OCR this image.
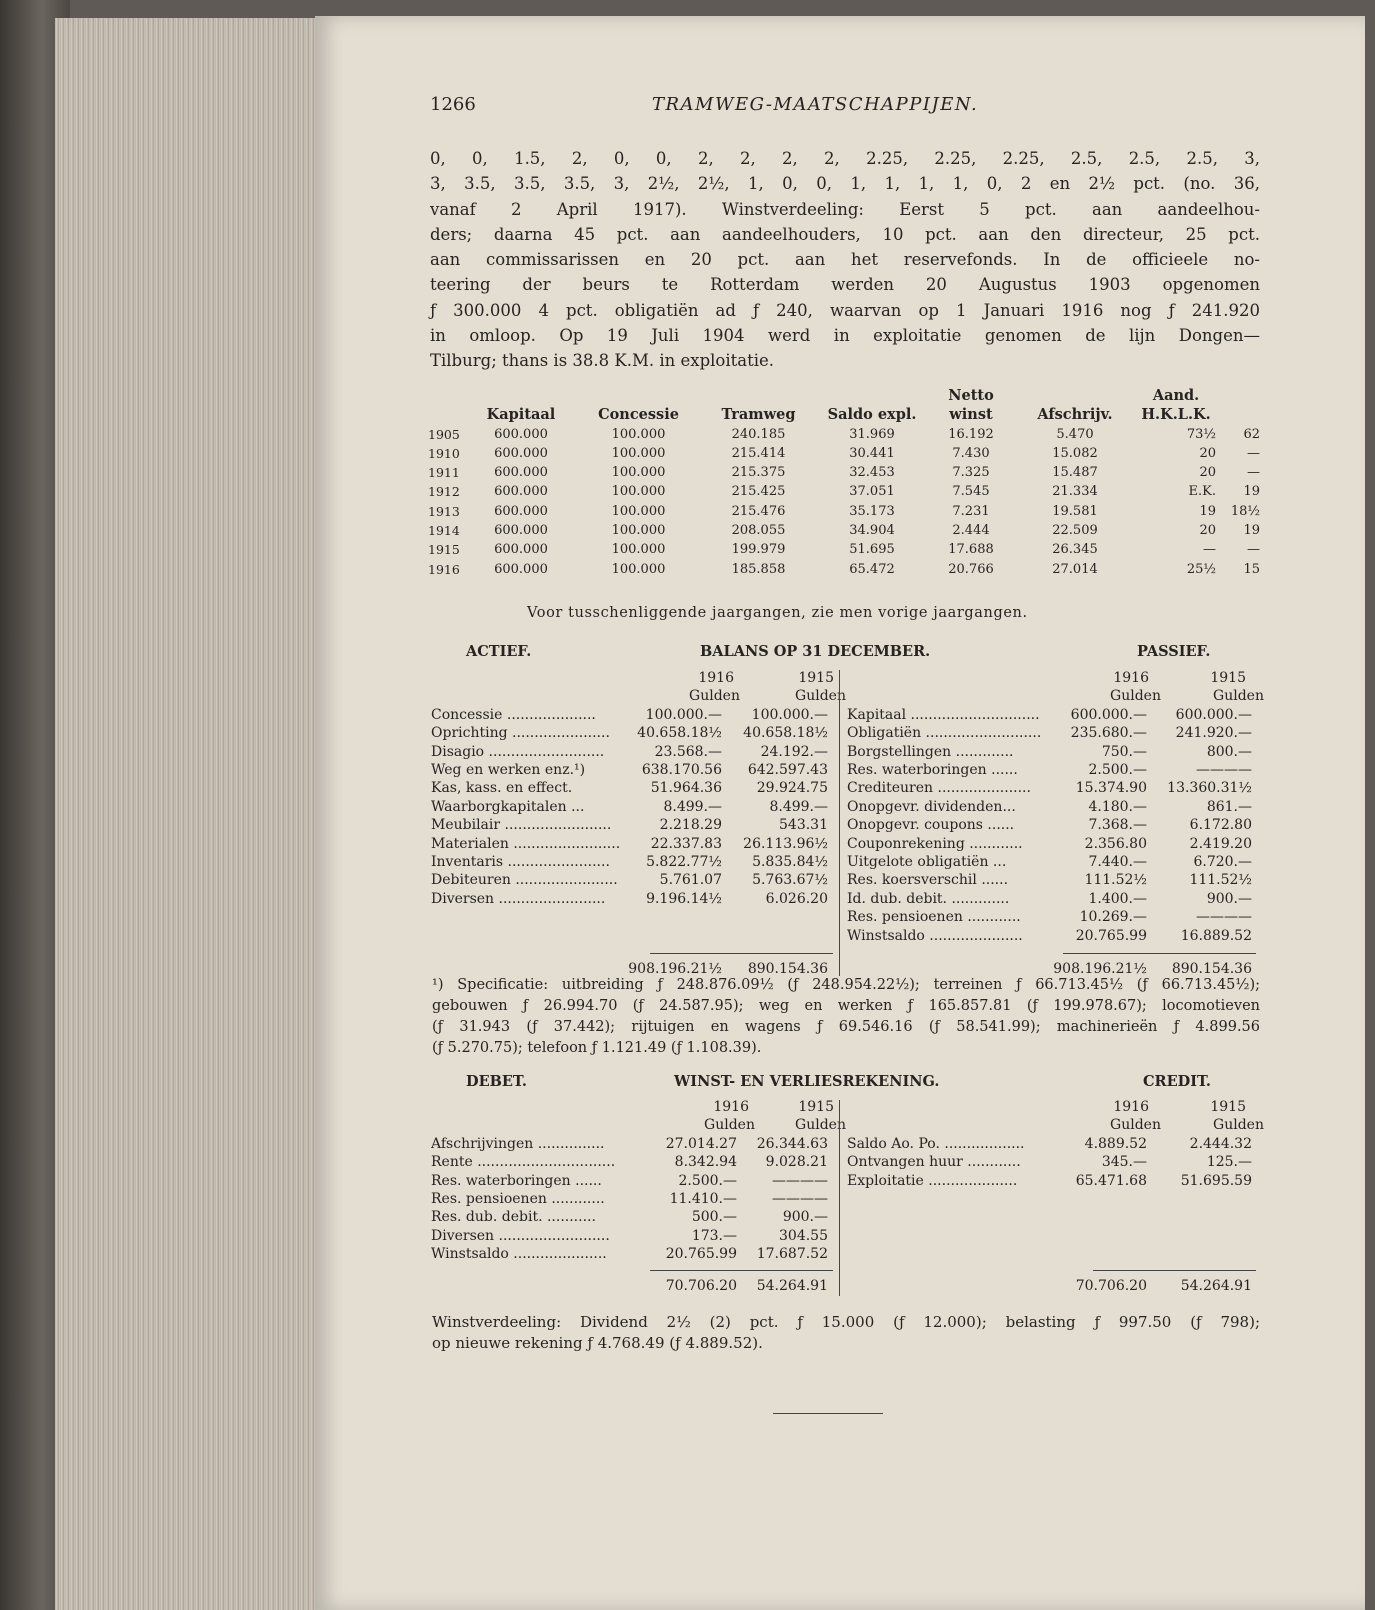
1266	TRAMWEG-MAATSCHAPPIJEN.
0, 0, 1.5, 2, 0, 0, 2, 2, 2, 2, 2.25, 2.25, 2.25, 2.5, 2.5, 2.5, 3,
3, 3.5, 3.5, 3.5, 3, 2½, 2½, 1, 0, 0, 1, 1, 1, 1, 0, 2 en 2½ pct. (no. 36,
vanaf 2 April 1917). Winstverdeeling: Eerst 5 pct. aan aandeelhou-
ders; daarna 45 pct. aan aandeelhouders, 10 pct. aan den directeur, 25 pct.
aan commissarissen en 20 pct. aan het reservefonds. In de officieele no-
teering der beurs te Rotterdam werden 20 Augustus 1903 opgenomen
ƒ 300.000 4 pct. obligatiën ad ƒ 240, waarvan op 1 Januari 1916 nog ƒ 241.920
in omloop. Op 19 Juli 1904 werd in exploitatie genomen de lijn Dongen—
Tilburg; thans is 38.8 K.M. in exploitatie.
					Netto		Aand.	
	Kapitaal	Concessie	Tramweg	Saldo expl.	winst	Afschrijv.	H.K.L.K.	
1905	600.000	100.000	240.185	31.969	16.192	5.470	73½	62
1910	600.000	100.000	215.414	30.441	7.430	15.082	20	—
1911	600.000	100.000	215.375	32.453	7.325	15.487	20	—
1912	600.000	100.000	215.425	37.051	7.545	21.334	E.K.	19
1913	600.000	100.000	215.476	35.173	7.231	19.581	19	18½
1914	600.000	100.000	208.055	34.904	2.444	22.509	20	19
1915	600.000	100.000	199.979	51.695	17.688	26.345	—	—
1916	600.000	100.000	185.858	65.472	20.766	27.014	25½	15
Voor tusschenliggende jaargangen, zie men vorige jaargangen.
ACTIEF.	BALANS OP 31 DECEMBER.	PASSIEF.
1916	1915
Gulden	Gulden
1916	1915
Gulden	Gulden
Concessie ....................	100.000.—	100.000.—
Oprichting ......................	40.658.18½	40.658.18½
Disagio ..........................	23.568.—	24.192.—
Weg en werken enz.¹)	638.170.56	642.597.43
Kas, kass. en effect.	51.964.36	29.924.75
Waarborgkapitalen ...	8.499.—	8.499.—
Meubilair ........................	2.218.29	543.31
Materialen ........................	22.337.83	26.113.96½
Inventaris .......................	5.822.77½	5.835.84½
Debiteuren .......................	5.761.07	5.763.67½
Diversen ........................	9.196.14½	6.026.20
Kapitaal .............................	600.000.—	600.000.—
Obligatiën ..........................	235.680.—	241.920.—
Borgstellingen .............	750.—	800.—
Res. waterboringen ......	2.500.—	————
Crediteuren .....................	15.374.90	13.360.31½
Onopgevr. dividenden...	4.180.—	861.—
Onopgevr. coupons ......	7.368.—	6.172.80
Couponrekening ............	2.356.80	2.419.20
Uitgelote obligatiën ...	7.440.—	6.720.—
Res. koersverschil ......	111.52½	111.52½
Id. dub. debit. .............	1.400.—	900.—
Res. pensioenen ............	10.269.—	————
Winstsaldo .....................	20.765.99	16.889.52
908.196.21½	890.154.36	908.196.21½	890.154.36
¹) Specificatie: uitbreiding ƒ 248.876.09½ (ƒ 248.954.22½); terreinen ƒ 66.713.45½ (ƒ 66.713.45½);
gebouwen ƒ 26.994.70 (ƒ 24.587.95); weg en werken ƒ 165.857.81 (ƒ 199.978.67); locomotieven
(ƒ 31.943 (ƒ 37.442); rijtuigen en wagens ƒ 69.546.16 (ƒ 58.541.99); machinerieën ƒ 4.899.56
(ƒ 5.270.75); telefoon ƒ 1.121.49 (ƒ 1.108.39).
DEBET.	WINST- EN VERLIESREKENING.	CREDIT.
1916	1915
Gulden	Gulden
1916	1915
Gulden	Gulden
Afschrijvingen ...............	27.014.27	26.344.63
Rente ...............................	8.342.94	9.028.21
Res. waterboringen ......	2.500.—	————
Res. pensioenen ............	11.410.—	————
Res. dub. debit. ...........	500.—	900.—
Diversen .........................	173.—	304.55
Winstsaldo .....................	20.765.99	17.687.52
Saldo Ao. Po. ..................	4.889.52	2.444.32
Ontvangen huur ............	345.—	125.—
Exploitatie ....................	65.471.68	51.695.59
70.706.20	54.264.91	70.706.20	54.264.91
Winstverdeeling: Dividend 2½ (2) pct. ƒ 15.000 (ƒ 12.000); belasting ƒ 997.50 (ƒ 798);
op nieuwe rekening ƒ 4.768.49 (ƒ 4.889.52).
